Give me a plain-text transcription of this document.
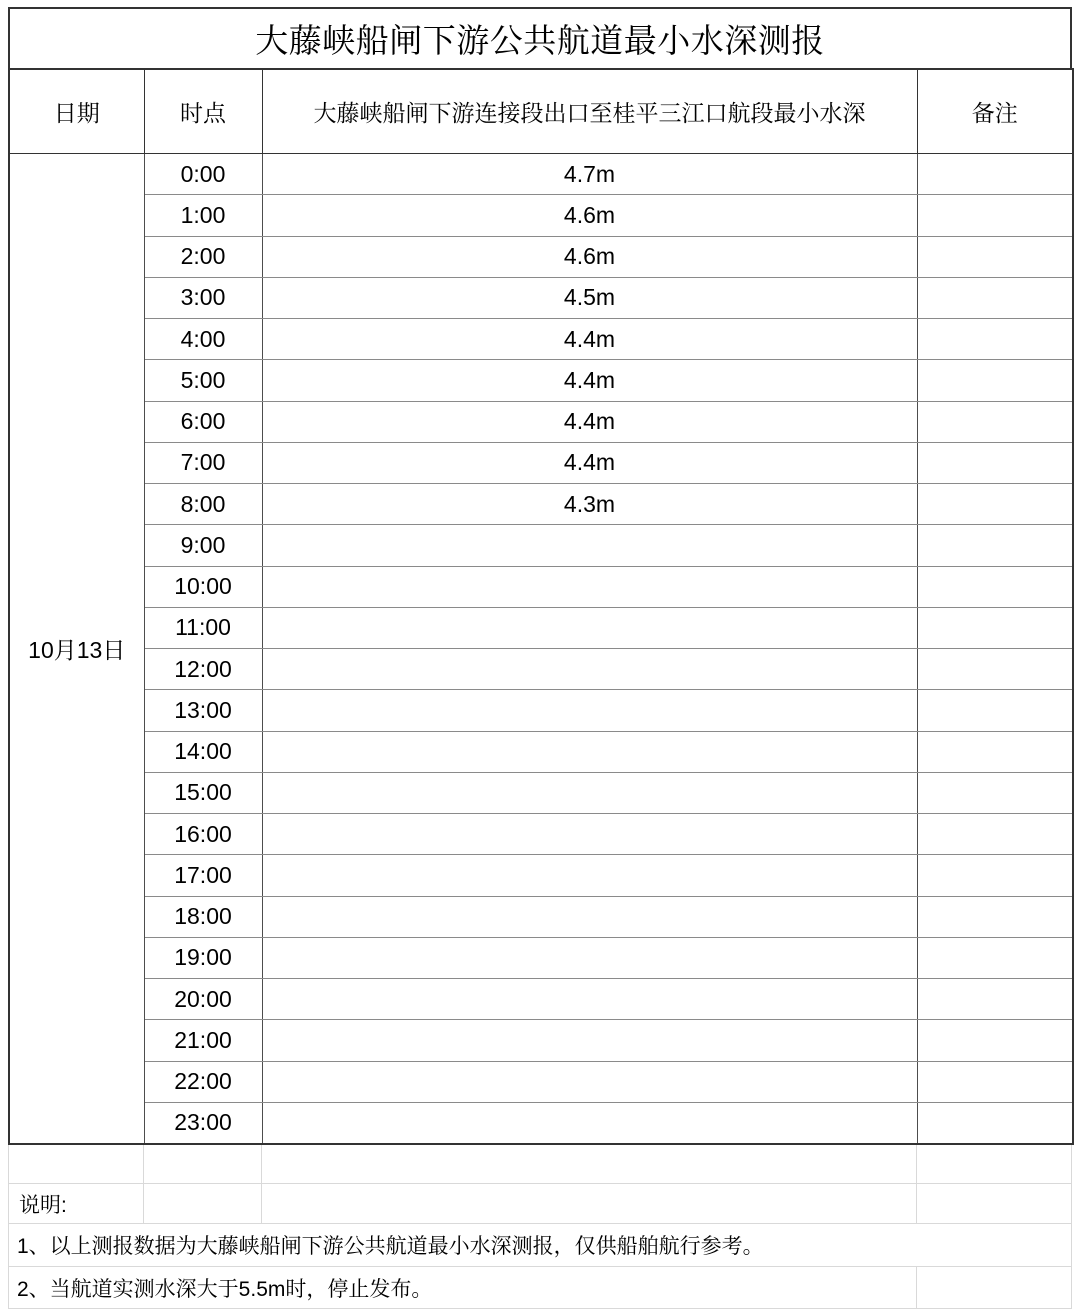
大藤峡船闸下游公共航道最小水深测报
日期	时点	大藤峡船闸下游连接段出口至桂平三江口航段最小水深	备注
10月13日	0:00	4.7m	
	1:00	4.6m	
	2:00	4.6m	
	3:00	4.5m	
	4:00	4.4m	
	5:00	4.4m	
	6:00	4.4m	
	7:00	4.4m	
	8:00	4.3m	
	9:00		
	10:00		
	11:00		
	12:00		
	13:00		
	14:00		
	15:00		
	16:00		
	17:00		
	18:00		
	19:00		
	20:00		
	21:00		
	22:00		
	23:00		
说明:
1、以上测报数据为大藤峡船闸下游公共航道最小水深测报，仅供船舶航行参考。
2、当航道实测水深大于5.5m时，停止发布。
